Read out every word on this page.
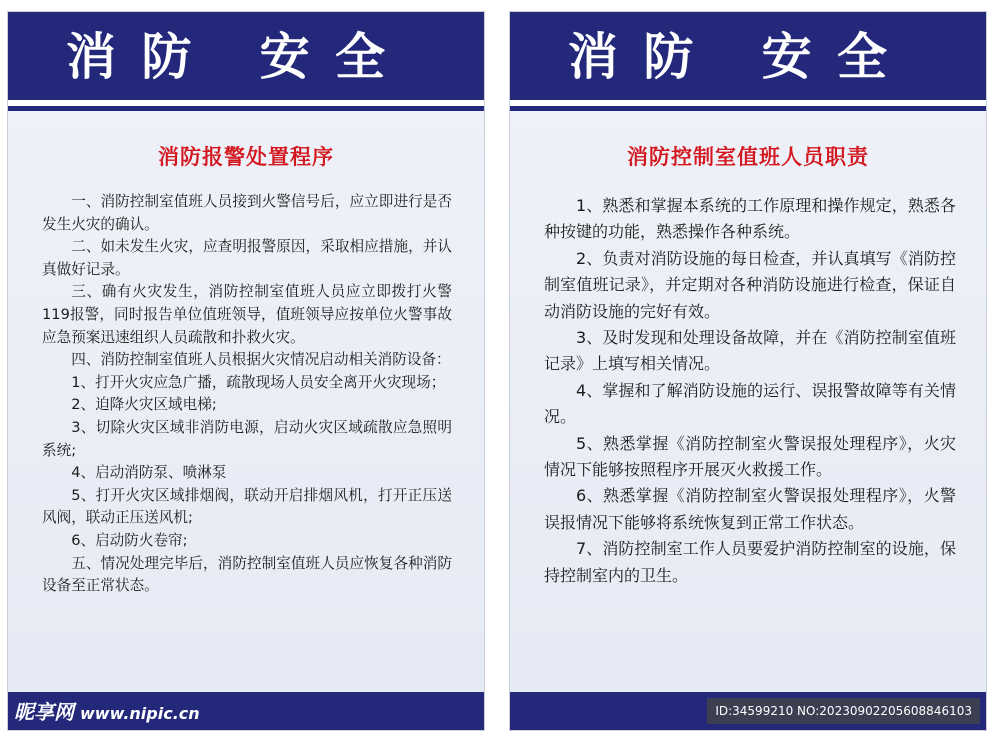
消 防   安 全
消防报警处置程序

一、消防控制室值班人员接到火警信号后，应立即进行是否发生火灾的确认。

二、如未发生火灾，应查明报警原因，采取相应措施，并认真做好记录。

三、确有火灾发生，消防控制室值班人员应立即拨打火警119报警，同时报告单位值班领导，值班领导应按单位火警事故应急预案迅速组织人员疏散和扑救火灾。

四、消防控制室值班人员根据火灾情况启动相关消防设备：

1、打开火灾应急广播，疏散现场人员安全离开火灾现场；

2、迫降火灾区域电梯;

3、切除火灾区域非消防电源，启动火灾区域疏散应急照明系统;

4、启动消防泵、喷淋泵

5、打开火灾区域排烟阀，联动开启排烟风机，打开正压送风阀，联动正压送风机;

6、启动防火卷帘;

五、情况处理完毕后，消防控制室值班人员应恢复各种消防设备至正常状态。

昵享网 www.nipic.cn
消 防   安 全
消防控制室值班人员职责

1、熟悉和掌握本系统的工作原理和操作规定，熟悉各种按键的功能，熟悉操作各种系统。

2、负责对消防设施的每日检查，并认真填写《消防控制室值班记录》，并定期对各种消防设施进行检查，保证自动消防设施的完好有效。

3、及时发现和处理设备故障，并在《消防控制室值班记录》上填写相关情况。

4、掌握和了解消防设施的运行、误报警故障等有关情况。

5、熟悉掌握《消防控制室火警误报处理程序》，火灾情况下能够按照程序开展灭火救援工作。

6、熟悉掌握《消防控制室火警误报处理程序》，火警误报情况下能够将系统恢复到正常工作状态。

7、消防控制室工作人员要爱护消防控制室的设施，保持控制室内的卫生。

ID:34599210 NO:20230902205608846103
